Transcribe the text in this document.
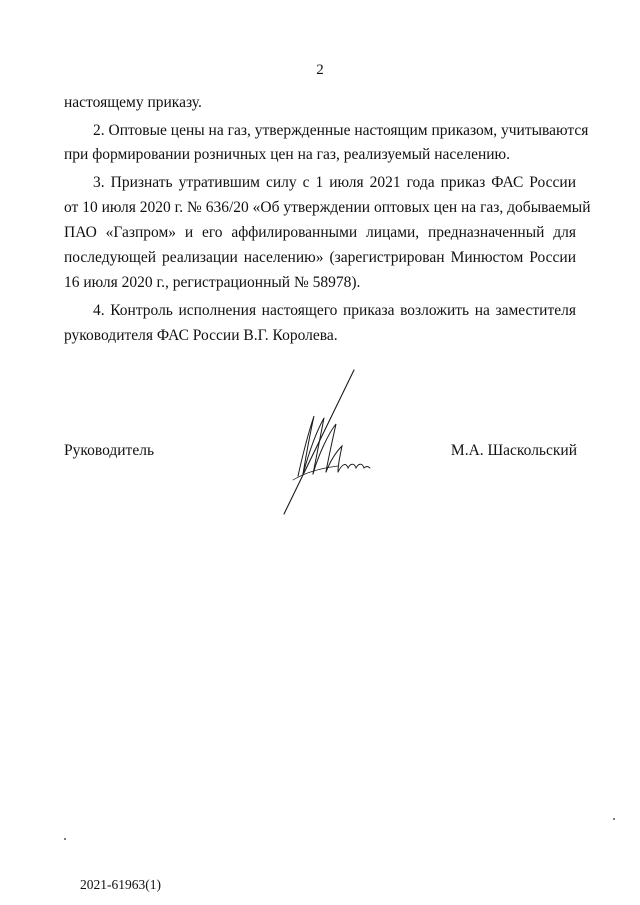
2
настоящему приказу.
2. Оптовые цены на газ, утвержденные настоящим приказом, учитываются
при формировании розничных цен на газ, реализуемый населению.
3. Признать утратившим силу с 1 июля 2021 года приказ ФАС России
от 10 июля 2020 г. № 636/20 «Об утверждении оптовых цен на газ, добываемый
ПАО «Газпром» и его аффилированными лицами, предназначенный для
последующей реализации населению» (зарегистрирован Минюстом России
16 июля 2020 г., регистрационный № 58978).
4. Контроль исполнения настоящего приказа возложить на заместителя
руководителя ФАС России В.Г. Королева.
Руководитель	М.А. Шаскольский
2021-61963(1)
